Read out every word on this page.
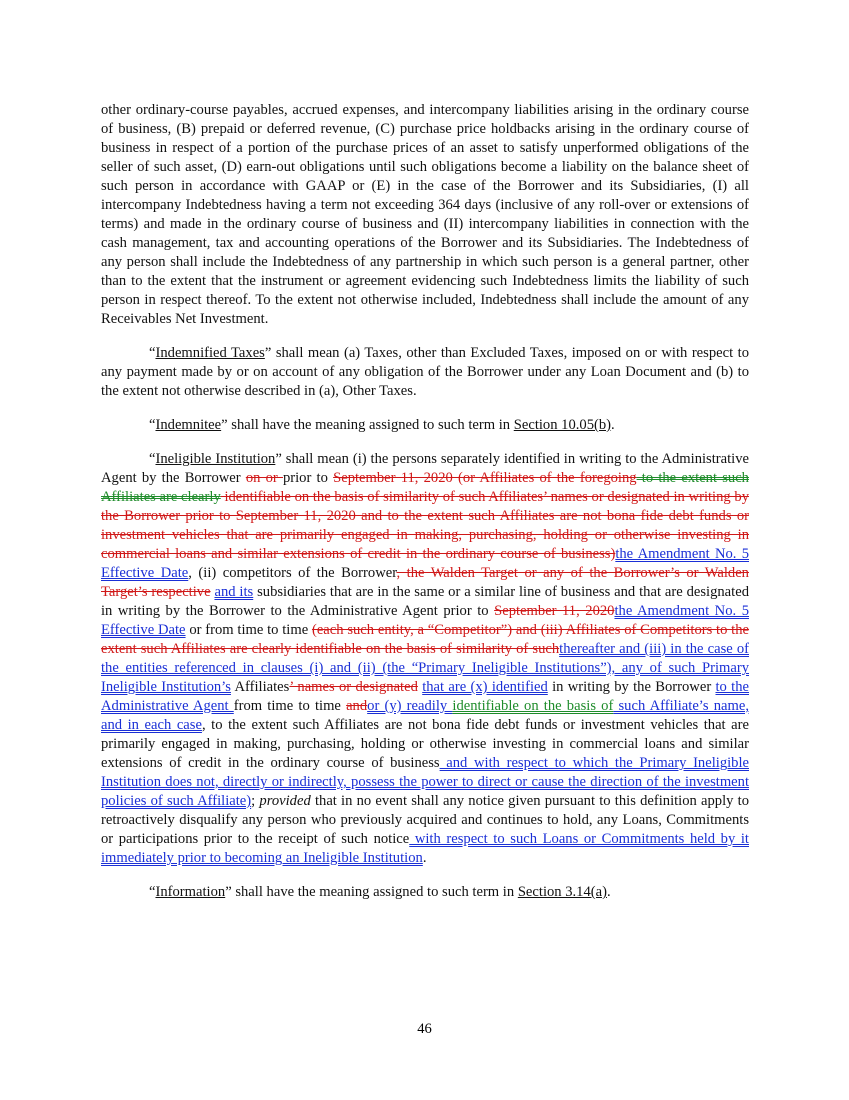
other ordinary-course payables, accrued expenses, and intercompany liabilities arising in the ordinary course of business, (B) prepaid or deferred revenue, (C) purchase price holdbacks arising in the ordinary course of business in respect of a portion of the purchase prices of an asset to satisfy unperformed obligations of the seller of such asset, (D) earn-out obligations until such obligations become a liability on the balance sheet of such person in accordance with GAAP or (E) in the case of the Borrower and its Subsidiaries, (I) all intercompany Indebtedness having a term not exceeding 364 days (inclusive of any roll-over or extensions of terms) and made in the ordinary course of business and (II) intercompany liabilities in connection with the cash management, tax and accounting operations of the Borrower and its Subsidiaries. The Indebtedness of any person shall include the Indebtedness of any partnership in which such person is a general partner, other than to the extent that the instrument or agreement evidencing such Indebtedness limits the liability of such person in respect thereof. To the extent not otherwise included, Indebtedness shall include the amount of any Receivables Net Investment.

“Indemnified Taxes” shall mean (a) Taxes, other than Excluded Taxes, imposed on or with respect to any payment made by or on account of any obligation of the Borrower under any Loan Document and (b) to the extent not otherwise described in (a), Other Taxes.

“Indemnitee” shall have the meaning assigned to such term in Section 10.05(b).

“Ineligible Institution” shall mean (i) the persons separately identified in writing to the Administrative Agent by the Borrower on or prior to September 11, 2020 (or Affiliates of the foregoing to the extent such Affiliates are clearly identifiable on the basis of similarity of such Affiliates’ names or designated in writing by the Borrower prior to September 11, 2020 and to the extent such Affiliates are not bona fide debt funds or investment vehicles that are primarily engaged in making, purchasing, holding or otherwise investing in commercial loans and similar extensions of credit in the ordinary course of business)the Amendment No. 5 Effective Date, (ii) competitors of the Borrower, the Walden Target or any of the Borrower’s or Walden Target’s respective and its subsidiaries that are in the same or a similar line of business and that are designated in writing by the Borrower to the Administrative Agent prior to September 11, 2020the Amendment No. 5 Effective Date or from time to time (each such entity, a “Competitor”) and (iii) Affiliates of Competitors to the extent such Affiliates are clearly identifiable on the basis of similarity of suchthereafter and (iii) in the case of the entities referenced in clauses (i) and (ii) (the “Primary Ineligible Institutions”), any of such Primary Ineligible Institution’s Affiliates’ names or designated that are (x) identified in writing by the Borrower to the Administrative Agent from time to time andor (y) readily identifiable on the basis of such Affiliate’s name, and in each case, to the extent such Affiliates are not bona fide debt funds or investment vehicles that are primarily engaged in making, purchasing, holding or otherwise investing in commercial loans and similar extensions of credit in the ordinary course of business and with respect to which the Primary Ineligible Institution does not, directly or indirectly, possess the power to direct or cause the direction of the investment policies of such Affiliate); provided that in no event shall any notice given pursuant to this definition apply to retroactively disqualify any person who previously acquired and continues to hold, any Loans, Commitments or participations prior to the receipt of such notice with respect to such Loans or Commitments held by it immediately prior to becoming an Ineligible Institution.

“Information” shall have the meaning assigned to such term in Section 3.14(a).

46
